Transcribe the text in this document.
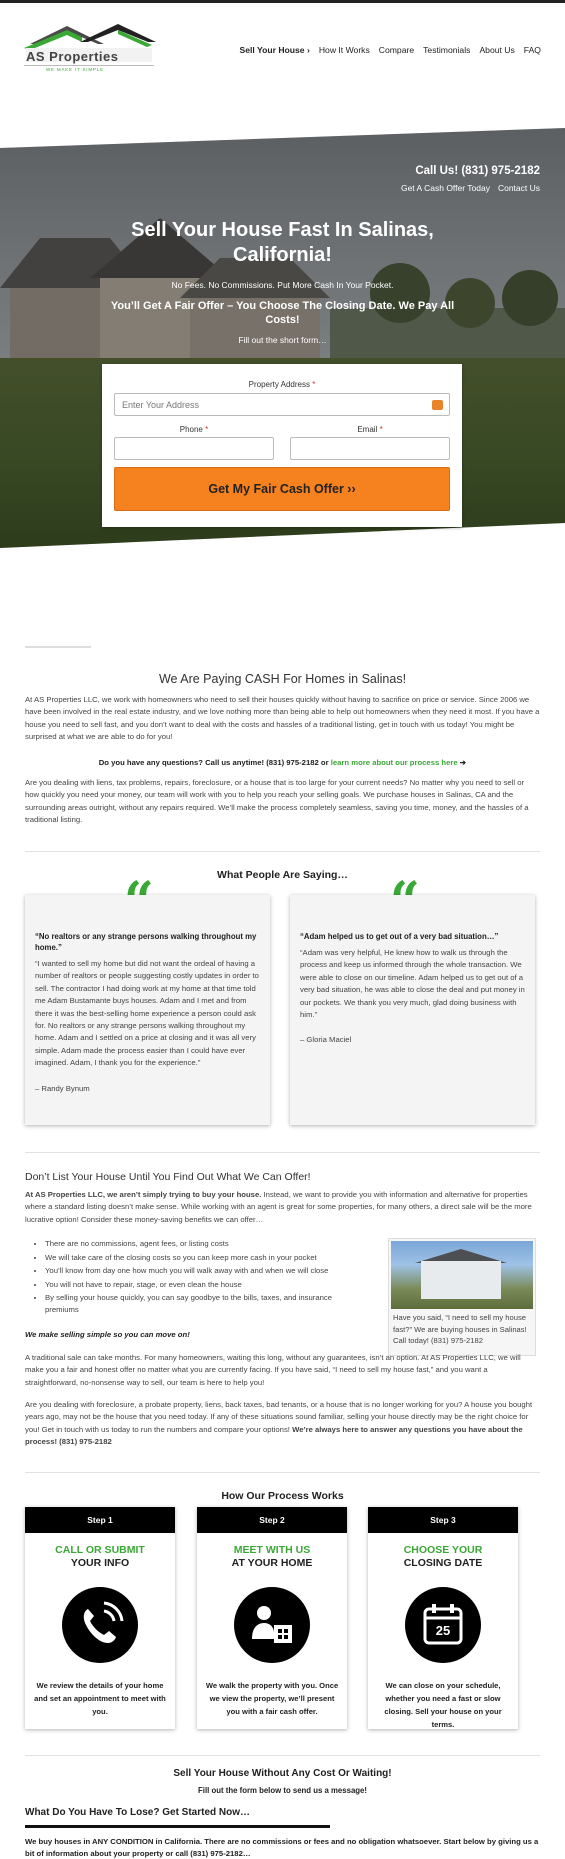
AS Properties
WE MAKE IT SIMPLE
Sell Your House › How It Works Compare Testimonials About Us FAQ
Call Us! (831) 975-2182
Get A Cash Offer Today Contact Us
Sell Your House Fast In Salinas, California!
No Fees. No Commissions. Put More Cash In Your Pocket.
You’ll Get A Fair Offer – You Choose The Closing Date. We Pay All Costs!
Fill out the short form…
Property Address *
Enter Your Address
Phone *	Email *
Get My Fair Cash Offer ››
We Are Paying CASH For Homes in Salinas!
At AS Properties LLC, we work with homeowners who need to sell their houses quickly without having to sacrifice on price or service. Since 2006 we have been involved in the real estate industry, and we love nothing more than being able to help out homeowners when they need it most. If you have a house you need to sell fast, and you don’t want to deal with the costs and hassles of a traditional listing, get in touch with us today! You might be surprised at what we are able to do for you!
Do you have any questions? Call us anytime! (831) 975-2182 or learn more about our process here ➔
Are you dealing with liens, tax problems, repairs, foreclosure, or a house that is too large for your current needs? No matter why you need to sell or how quickly you need your money, our team will work with you to help you reach your selling goals. We purchase houses in Salinas, CA and the surrounding areas outright, without any repairs required. We’ll make the process completely seamless, saving you time, money, and the hassles of a traditional listing.
What People Are Saying…
“No realtors or any strange persons walking throughout my home.”
“I wanted to sell my home but did not want the ordeal of having a number of realtors or people suggesting costly updates in order to sell. The contractor I had doing work at my home at that time told me Adam Bustamante buys houses. Adam and I met and from there it was the best-selling home experience a person could ask for. No realtors or any strange persons walking throughout my home. Adam and I settled on a price at closing and it was all very simple. Adam made the process easier than I could have ever imagined. Adam, I thank you for the experience.”
– Randy Bynum
“Adam helped us to get out of a very bad situation…”
“Adam was very helpful, He knew how to walk us through the process and keep us informed through the whole transaction. We were able to close on our timeline. Adam helped us to get out of a very bad situation, he was able to close the deal and put money in our pockets. We thank you very much, glad doing business with him.”
– Gloria Maciel
Don’t List Your House Until You Find Out What We Can Offer!
At AS Properties LLC, we aren’t simply trying to buy your house. Instead, we want to provide you with information and alternative for properties where a standard listing doesn’t make sense. While working with an agent is great for some properties, for many others, a direct sale will be the more lucrative option! Consider these money-saving benefits we can offer…
• There are no commissions, agent fees, or listing costs
• We will take care of the closing costs so you can keep more cash in your pocket
• You’ll know from day one how much you will walk away with and when we will close
• You will not have to repair, stage, or even clean the house
• By selling your house quickly, you can say goodbye to the bills, taxes, and insurance premiums
Have you said, “I need to sell my house fast?” We are buying houses in Salinas! Call today! (831) 975-2182
We make selling simple so you can move on!
A traditional sale can take months. For many homeowners, waiting this long, without any guarantees, isn’t an option. At AS Properties LLC, we will make you a fair and honest offer no matter what you are currently facing. If you have said, “I need to sell my house fast,” and you want a straightforward, no-nonsense way to sell, our team is here to help you!
Are you dealing with foreclosure, a probate property, liens, back taxes, bad tenants, or a house that is no longer working for you? A house you bought years ago, may not be the house that you need today. If any of these situations sound familiar, selling your house directly may be the right choice for you! Get in touch with us today to run the numbers and compare your options! We’re always here to answer any questions you have about the process! (831) 975-2182
How Our Process Works
Step 1
CALL OR SUBMIT
YOUR INFO
We review the details of your home and set an appointment to meet with you.
Step 2
MEET WITH US
AT YOUR HOME
We walk the property with you. Once we view the property, we’ll present you with a fair cash offer.
Step 3
CHOOSE YOUR
CLOSING DATE
25
We can close on your schedule, whether you need a fast or slow closing. Sell your house on your terms.
Sell Your House Without Any Cost Or Waiting!
Fill out the form below to send us a message!
What Do You Have To Lose? Get Started Now…
We buy houses in ANY CONDITION in California. There are no commissions or fees and no obligation whatsoever. Start below by giving us a bit of information about your property or call (831) 975-2182…
